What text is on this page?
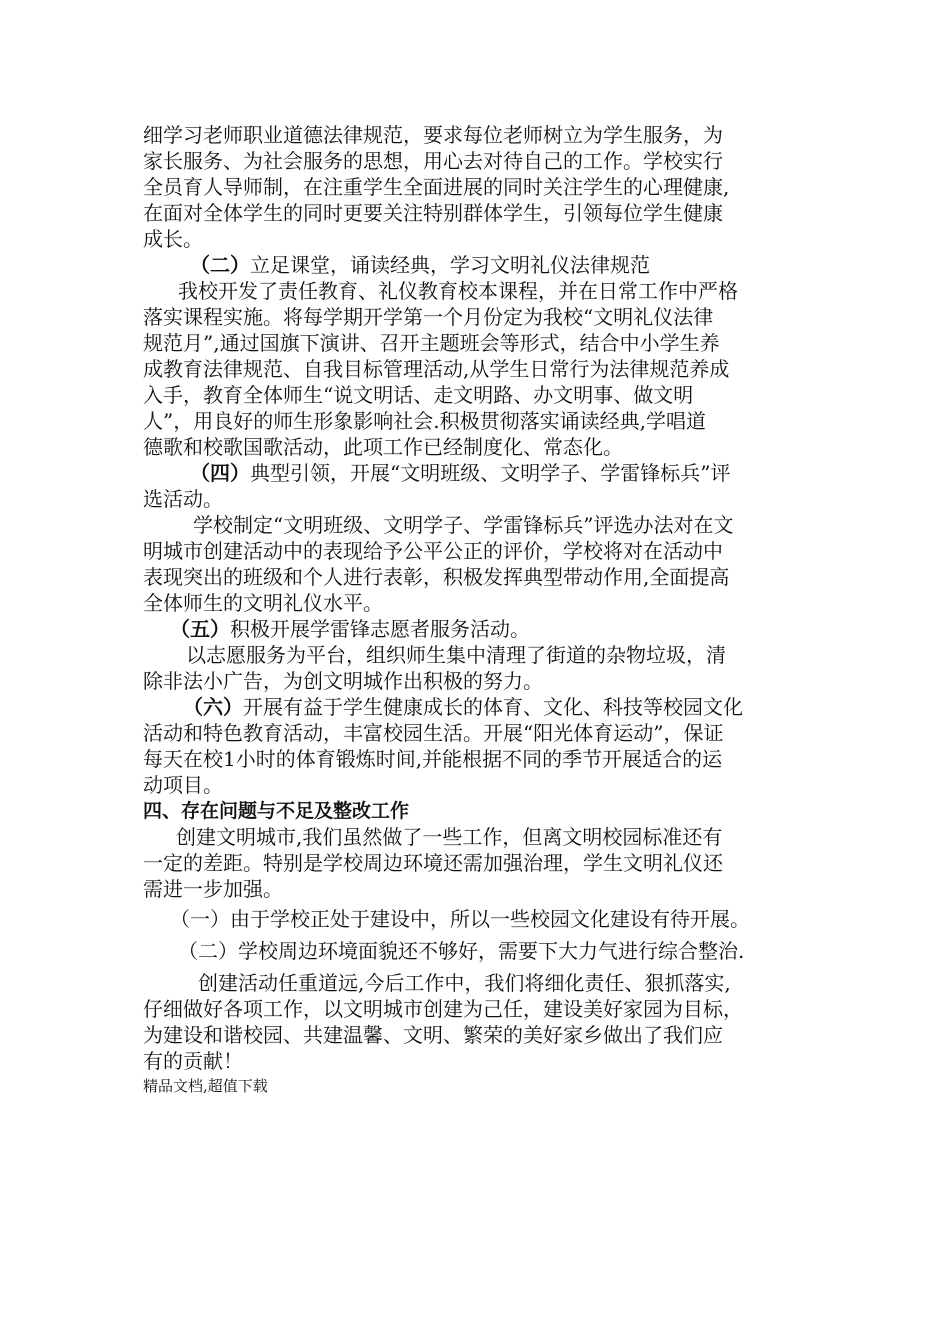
细学习老师职业道德法律规范，要求每位老师树立为学生服务，为
家长服务、为社会服务的思想，用心去对待自己的工作。学校实行
全员育人导师制，在注重学生全面进展的同时关注学生的心理健康,
在面对全体学生的同时更要关注特别群体学生，引领每位学生健康
成长。
（二）立足课堂，诵读经典，学习文明礼仪法律规范
我校开发了责任教育、礼仪教育校本课程，并在日常工作中严格
落实课程实施。将每学期开学第一个月份定为我校“文明礼仪法律
规范月”,通过国旗下演讲、召开主题班会等形式，结合中小学生养
成教育法律规范、自我目标管理活动,从学生日常行为法律规范养成
入手，教育全体师生“说文明话、走文明路、办文明事、做文明
人”，用良好的师生形象影响社会.积极贯彻落实诵读经典,学唱道
德歌和校歌国歌活动，此项工作已经制度化、常态化。
（四）典型引领，开展“文明班级、文明学子、学雷锋标兵”评
选活动。
学校制定“文明班级、文明学子、学雷锋标兵”评选办法对在文
明城市创建活动中的表现给予公平公正的评价，学校将对在活动中
表现突出的班级和个人进行表彰，积极发挥典型带动作用,全面提高
全体师生的文明礼仪水平。
（五）积极开展学雷锋志愿者服务活动。
以志愿服务为平台，组织师生集中清理了街道的杂物垃圾，清
除非法小广告，为创文明城作出积极的努力。
（六）开展有益于学生健康成长的体育、文化、科技等校园文化
活动和特色教育活动，丰富校园生活。开展“阳光体育运动”，保证
每天在校1小时的体育锻炼时间,并能根据不同的季节开展适合的运
动项目。
四、存在问题与不足及整改工作
创建文明城市,我们虽然做了一些工作，但离文明校园标准还有
一定的差距。特别是学校周边环境还需加强治理，学生文明礼仪还
需进一步加强。
（一）由于学校正处于建设中，所以一些校园文化建设有待开展。
（二）学校周边环境面貌还不够好，需要下大力气进行综合整治.
创建活动任重道远,今后工作中，我们将细化责任、狠抓落实,
仔细做好各项工作，以文明城市创建为己任，建设美好家园为目标，
为建设和谐校园、共建温馨、文明、繁荣的美好家乡做出了我们应
有的贡献！
精品文档,超值下载
